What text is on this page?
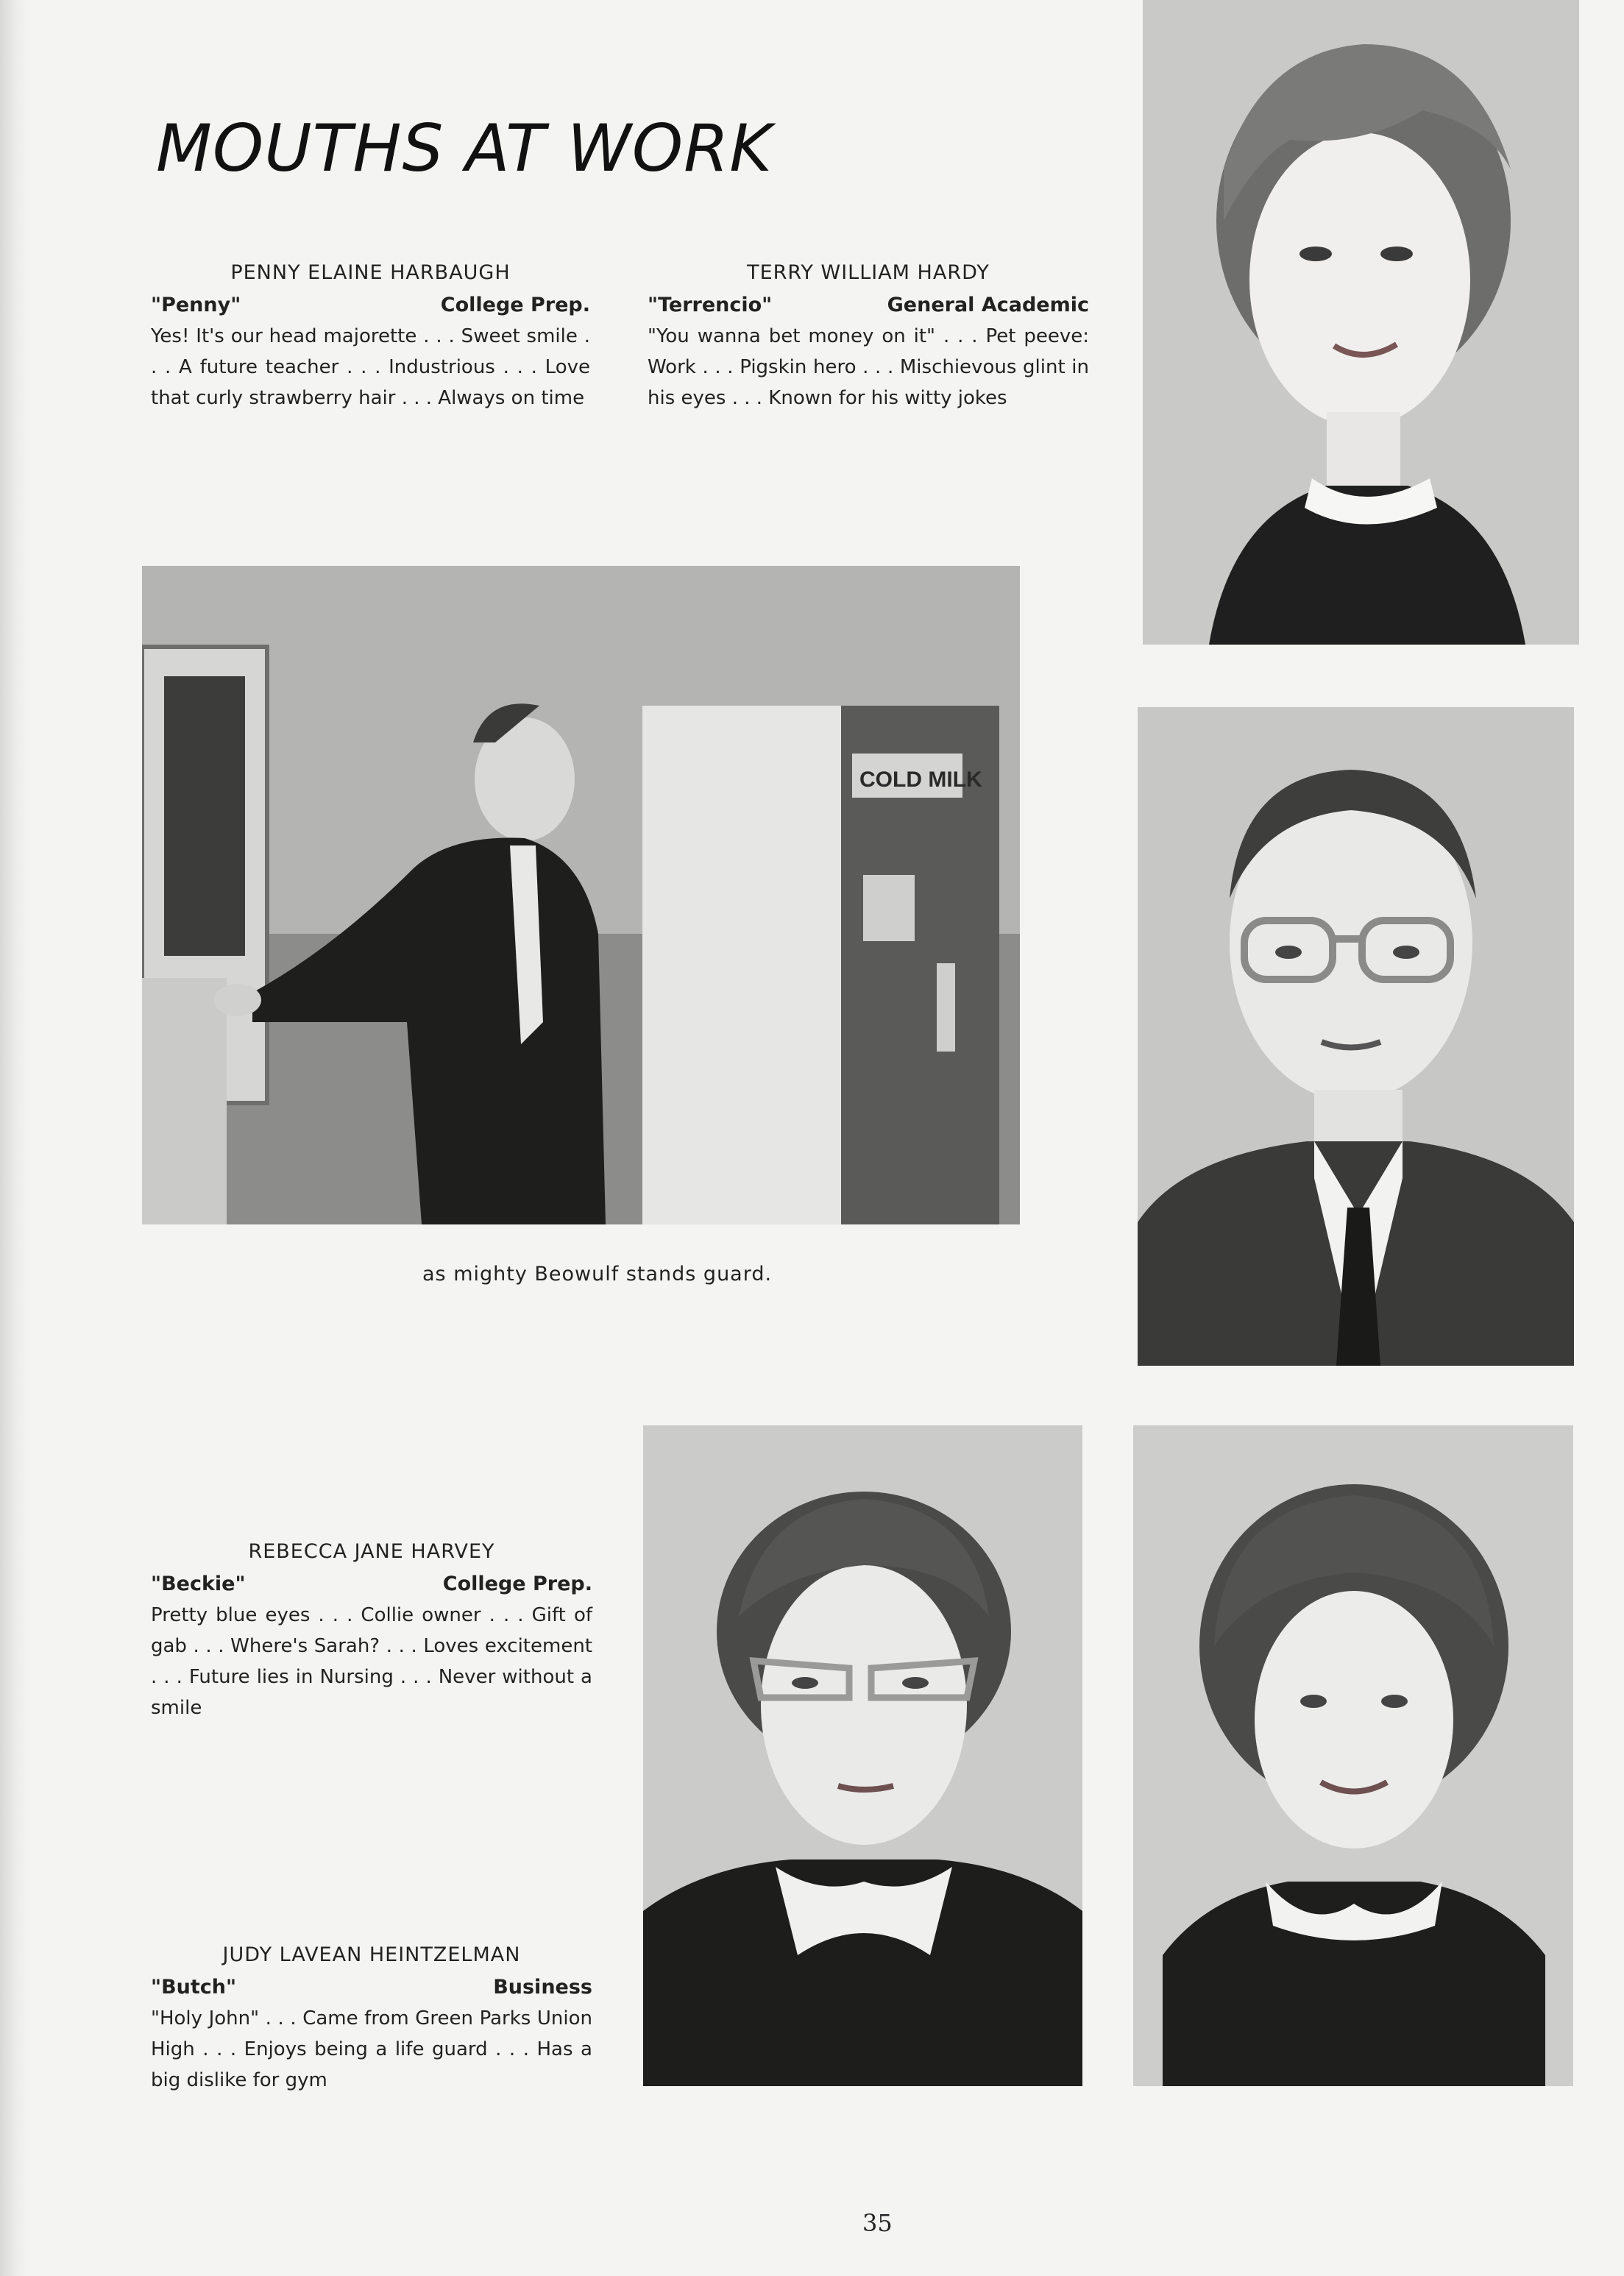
MOUTHS AT WORK
PENNY ELAINE HARBAUGH
"Penny"	College Prep.
Yes! It's our head majorette . . . Sweet smile . . . A future teacher . . . Industrious . . . Love that curly strawberry hair . . . Always on time
TERRY WILLIAM HARDY
"Terrencio"	General Academic
"You wanna bet money on it" . . . Pet peeve: Work . . . Pigskin hero . . . Mischievous glint in his eyes . . . Known for his witty jokes
COLD MILK
as mighty Beowulf stands guard.
REBECCA JANE HARVEY
"Beckie"	College Prep.
Pretty blue eyes . . . Collie owner . . . Gift of gab . . . Where's Sarah? . . . Loves excitement . . . Future lies in Nursing . . . Never without a smile
JUDY LAVEAN HEINTZELMAN
"Butch"	Business
"Holy John" . . . Came from Green Parks Union High . . . Enjoys being a life guard . . . Has a big dislike for gym
35
